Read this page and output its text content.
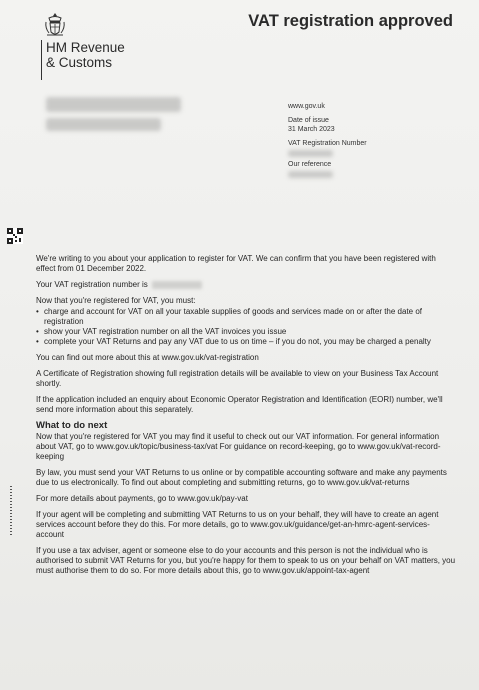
HM Revenue
& Customs
VAT registration approved
www.gov.uk
Date of issue
31 March 2023
VAT Registration Number
Our reference

We're writing to you about your application to register for VAT. We can confirm that you have been registered with effect from 01 December 2022.

Your VAT registration number is

Now that you're registered for VAT, you must:

• charge and account for VAT on all your taxable supplies of goods and services made on or after the date of registration
• show your VAT registration number on all the VAT invoices you issue
• complete your VAT Returns and pay any VAT due to us on time – if you do not, you may be charged a penalty

You can find out more about this at www.gov.uk/vat-registration

A Certificate of Registration showing full registration details will be available to view on your Business Tax Account shortly.

If the application included an enquiry about Economic Operator Registration and Identification (EORI) number, we'll send more information about this separately.

What to do next

Now that you're registered for VAT you may find it useful to check out our VAT information. For general information about VAT, go to www.gov.uk/topic/business-tax/vat For guidance on record-keeping, go to www.gov.uk/vat-record-keeping

By law, you must send your VAT Returns to us online or by compatible accounting software and make any payments due to us electronically. To find out about completing and submitting returns, go to www.gov.uk/vat-returns

For more details about payments, go to www.gov.uk/pay-vat

If your agent will be completing and submitting VAT Returns to us on your behalf, they will have to create an agent services account before they do this. For more details, go to www.gov.uk/guidance/get-an-hmrc-agent-services-account

If you use a tax adviser, agent or someone else to do your accounts and this person is not the individual who is authorised to submit VAT Returns for you, but you're happy for them to speak to us on your behalf on VAT matters, you must authorise them to do so. For more details about this, go to www.gov.uk/appoint-tax-agent
